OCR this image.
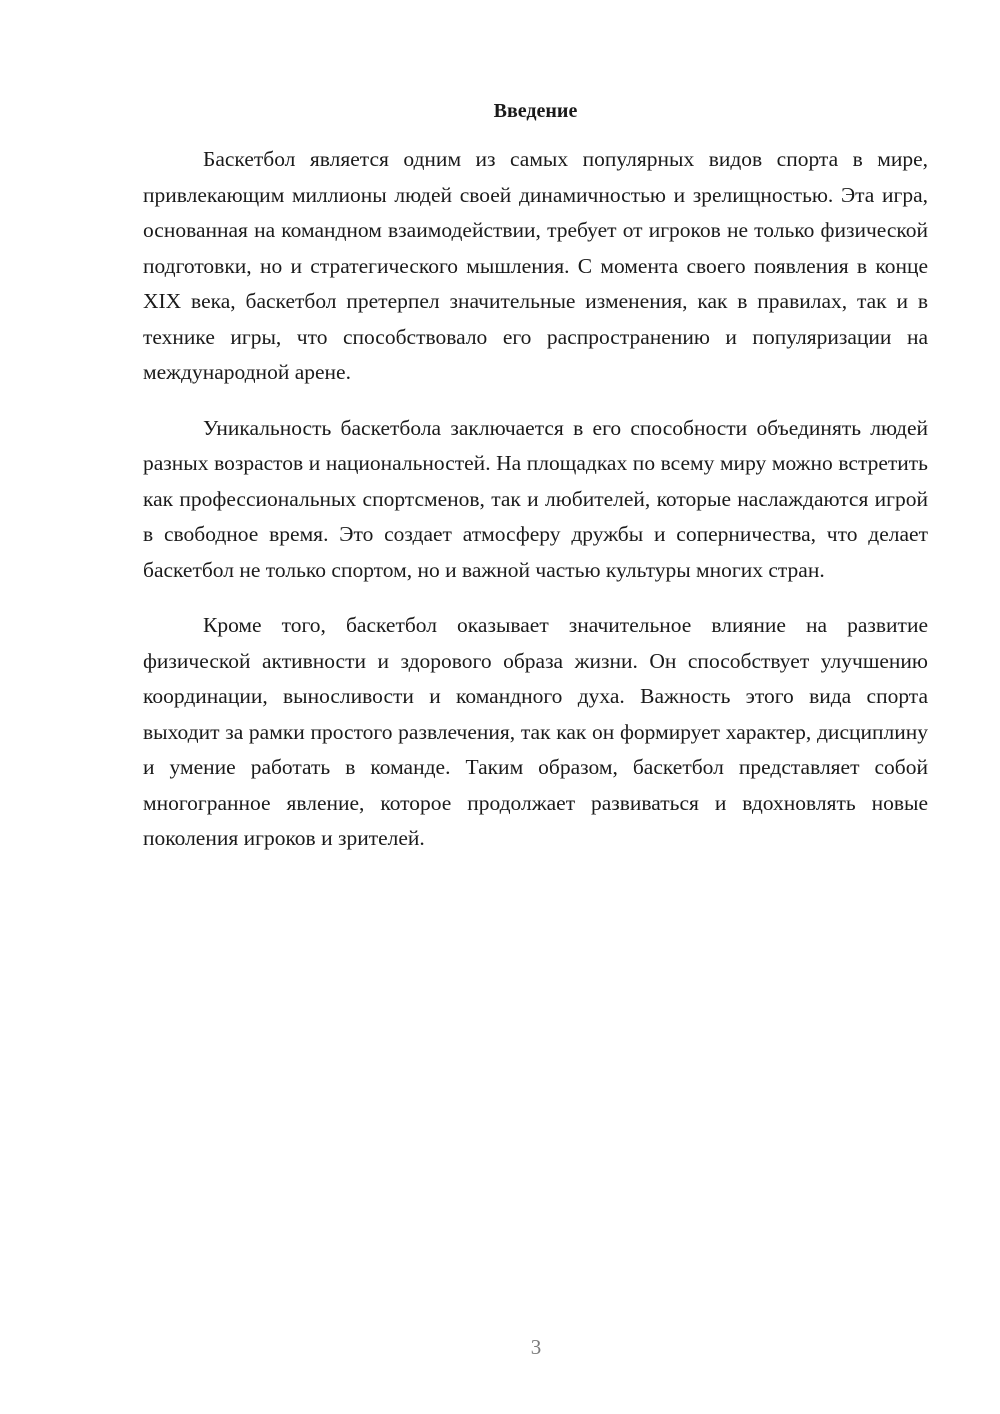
Введение

Баскетбол является одним из самых популярных видов спорта в мире, привлекающим миллионы людей своей динамичностью и зрелищностью. Эта игра, основанная на командном взаимодействии, требует от игроков не только физической подготовки, но и стратегического мышления. С момента своего появления в конце XIX века, баскетбол претерпел значительные изменения, как в правилах, так и в технике игры, что способствовало его распространению и популяризации на международной арене.

Уникальность баскетбола заключается в его способности объединять людей разных возрастов и национальностей. На площадках по всему миру можно встретить как профессиональных спортсменов, так и любителей, которые наслаждаются игрой в свободное время. Это создает атмосферу дружбы и соперничества, что делает баскетбол не только спортом, но и важной частью культуры многих стран.

Кроме того, баскетбол оказывает значительное влияние на развитие физической активности и здорового образа жизни. Он способствует улучшению координации, выносливости и командного духа. Важность этого вида спорта выходит за рамки простого развлечения, так как он формирует характер, дисциплину и умение работать в команде. Таким образом, баскетбол представляет собой многогранное явление, которое продолжает развиваться и вдохновлять новые поколения игроков и зрителей.

3
